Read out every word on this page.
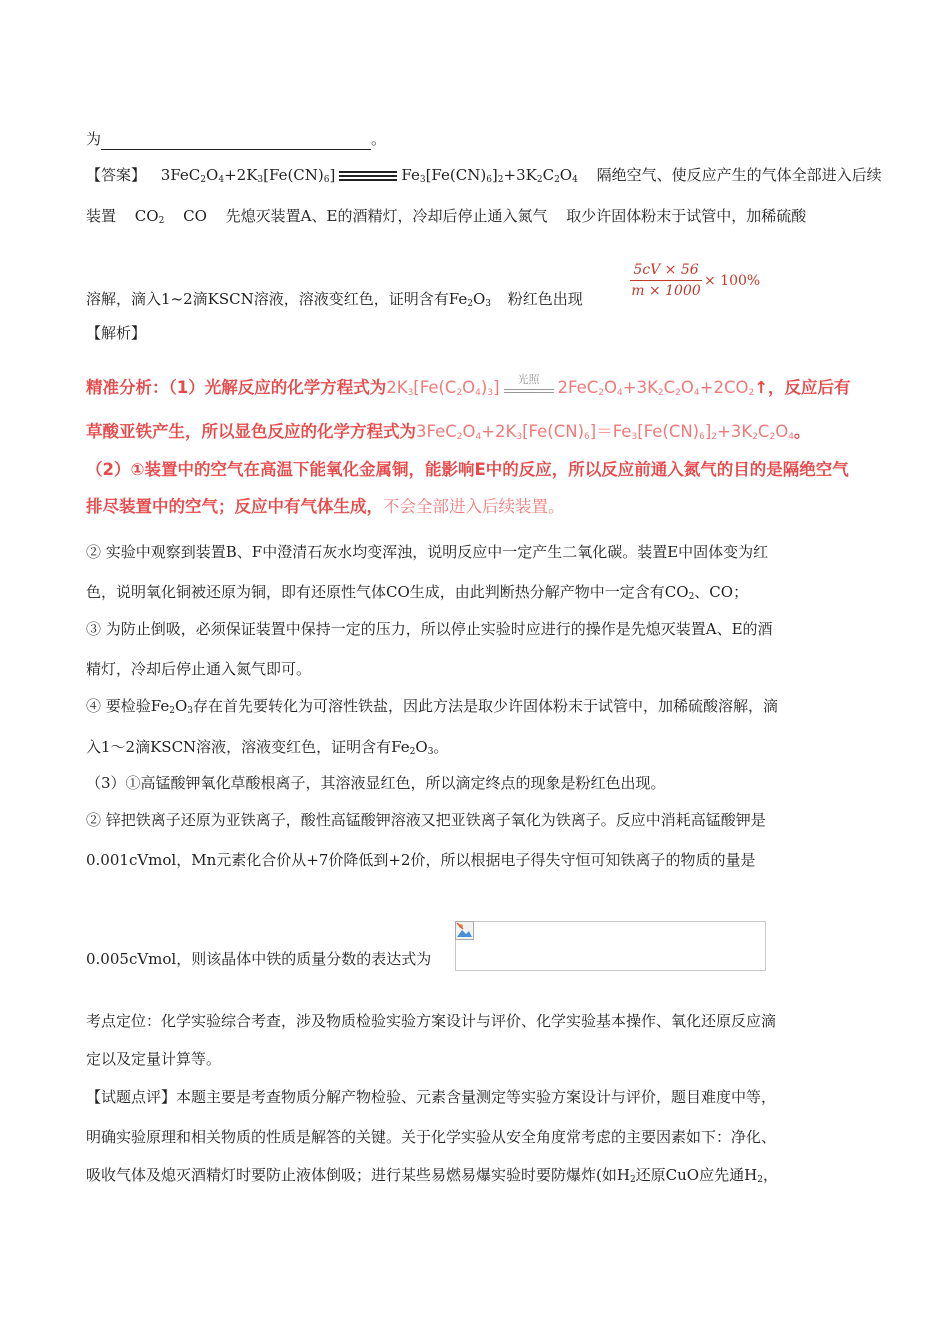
为	。
【答案】 $3FeC_2O_4+2K_3[Fe(CN)_6]$	$Fe_3[Fe(CN)_6]_2+3K_2C_2O_4$ 隔绝空气、使反应产生的气体全部进入后续
装置 $CO_2$ CO 先熄灭装置A、E的酒精灯，冷却后停止通入氮气 取少许固体粉末于试管中，加稀硫酸
溶解，滴入1~2滴KSCN溶液，溶液变红色，证明含有$Fe_2O_3$ 粉红色出现
5cV × 56
m × 1000
× 100%
【解析】
精准分析：（1）光解反应的化学方程式为$2K_3[Fe(C_2O_4)_3]$	光照	$2FeC_2O_4+3K_2C_2O_4+2CO_2↑$，反应后有
草酸亚铁产生，所以显色反应的化学方程式为$3FeC_2O_4+2K_3[Fe(CN)_6]=Fe_3[Fe(CN)_6]_2+3K_2C_2O_4$。
（2）①装置中的空气在高温下能氧化金属铜，能影响E中的反应，所以反应前通入氮气的目的是隔绝空气
排尽装置中的空气；反应中有气体生成，不会全部进入后续装置。
② 实验中观察到装置B、F中澄清石灰水均变浑浊，说明反应中一定产生二氧化碳。装置E中固体变为红
色，说明氧化铜被还原为铜，即有还原性气体CO生成，由此判断热分解产物中一定含有$CO_2$、CO；
③ 为防止倒吸，必须保证装置中保持一定的压力，所以停止实验时应进行的操作是先熄灭装置A、E的酒
精灯，冷却后停止通入氮气即可。
④ 要检验$Fe_2O_3$存在首先要转化为可溶性铁盐，因此方法是取少许固体粉末于试管中，加稀硫酸溶解，滴
入1～2滴KSCN溶液，溶液变红色，证明含有$Fe_2O_3$。
（3）①高锰酸钾氧化草酸根离子，其溶液显红色，所以滴定终点的现象是粉红色出现。
② 锌把铁离子还原为亚铁离子，酸性高锰酸钾溶液又把亚铁离子氧化为铁离子。反应中消耗高锰酸钾是
0.001cVmol，Mn元素化合价从+7价降低到+2价，所以根据电子得失守恒可知铁离子的物质的量是
0.005cVmol，则该晶体中铁的质量分数的表达式为
考点定位：化学实验综合考查，涉及物质检验实验方案设计与评价、化学实验基本操作、氧化还原反应滴
定以及定量计算等。
【试题点评】本题主要是考查物质分解产物检验、元素含量测定等实验方案设计与评价，题目难度中等，
明确实验原理和相关物质的性质是解答的关键。关于化学实验从安全角度常考虑的主要因素如下：净化、
吸收气体及熄灭酒精灯时要防止液体倒吸；进行某些易燃易爆实验时要防爆炸(如$H_2$还原CuO应先通$H_2$，
